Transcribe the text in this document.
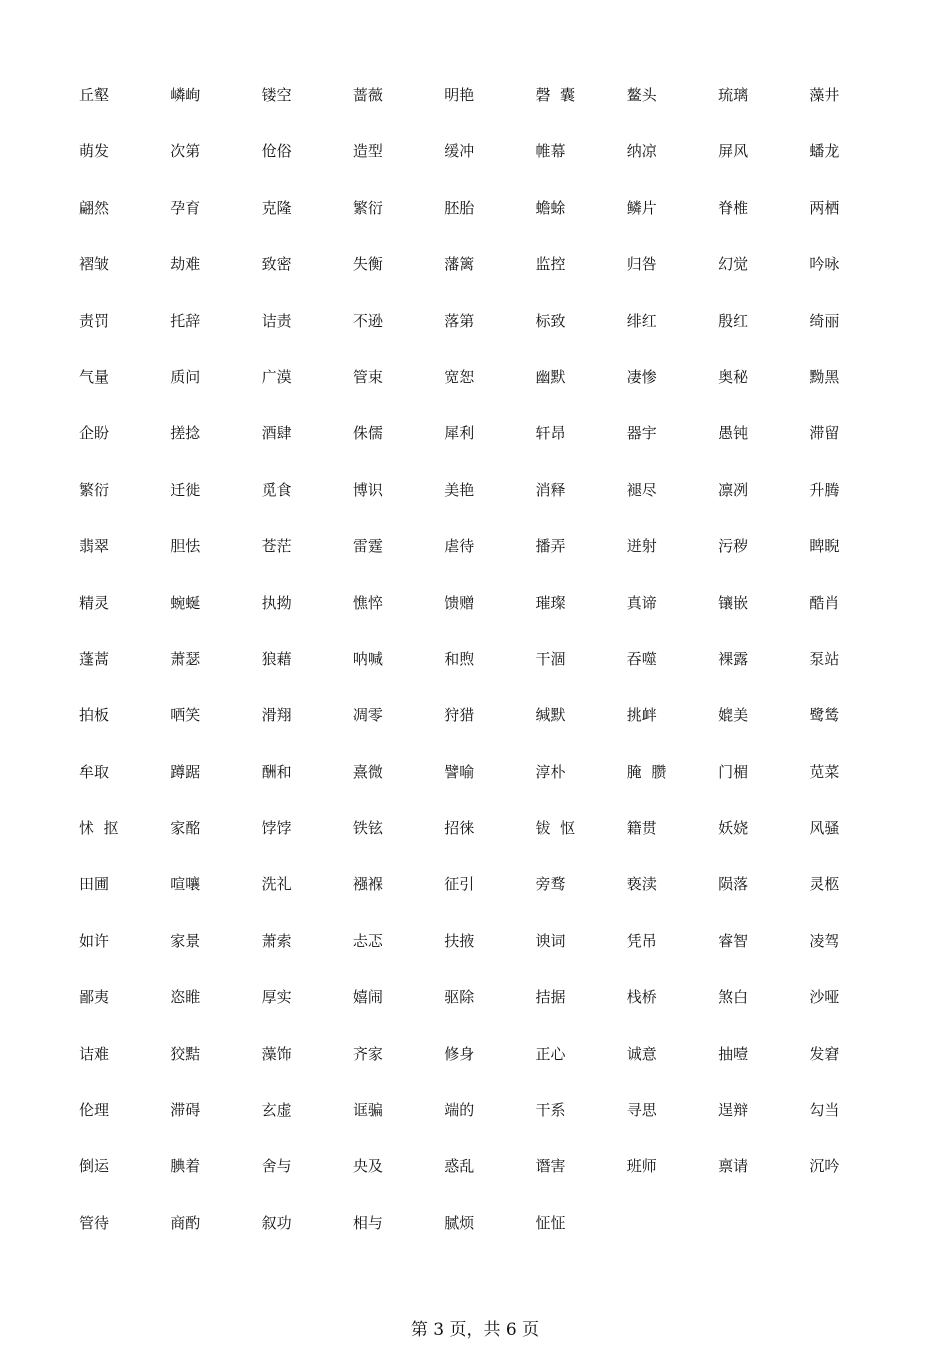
丘壑	嶙峋	镂空	蔷薇	明艳	磬  囊	鳌头	琉璃	藻井
萌发	次第	伧俗	造型	缓冲	帷幕	纳凉	屏风	蟠龙
翩然	孕育	克隆	繁衍	胚胎	蟾蜍	鳞片	脊椎	两栖
褶皱	劫难	致密	失衡	藩篱	监控	归咎	幻觉	吟咏
责罚	托辞	诘责	不逊	落第	标致	绯红	殷红	绮丽
气量	质问	广漠	管束	宽恕	幽默	凄惨	奥秘	黝黑
企盼	搓捻	酒肆	侏儒	犀利	轩昂	器宇	愚钝	滞留
繁衍	迁徙	觅食	博识	美艳	消释	褪尽	凛冽	升腾
翡翠	胆怯	苍茫	雷霆	虐待	播弄	迸射	污秽	睥睨
精灵	蜿蜒	执拗	憔悴	馈赠	璀璨	真谛	镶嵌	酷肖
蓬蒿	萧瑟	狼藉	呐喊	和煦	干涸	吞噬	裸露	泵站
拍板	哂笑	滑翔	凋零	狩猎	缄默	挑衅	媲美	鹭鸶
牟取	蹲踞	酬和	熹微	譬喻	淳朴	腌  臜	门楣	苋菜
怵  抠	家酩	饽饽	铁铉	招徕	钹  怄	籍贯	妖娆	风骚
田圃	喧嚷	洗礼	襁褓	征引	旁骛	亵渎	陨落	灵柩
如许	家景	萧索	忐忑	扶掖	谀词	凭吊	睿智	凌驾
鄙夷	恣睢	厚实	嬉闹	驱除	拮据	栈桥	煞白	沙哑
诘难	狡黠	藻饰	齐家	修身	正心	诚意	抽噎	发窘
伦理	滞碍	玄虚	诓骗	端的	干系	寻思	逞辩	勾当
倒运	腆着	舍与	央及	惑乱	谮害	班师	禀请	沉吟
管待	商酌	叙功	相与	腻烦	怔怔
第 3 页，共 6 页
